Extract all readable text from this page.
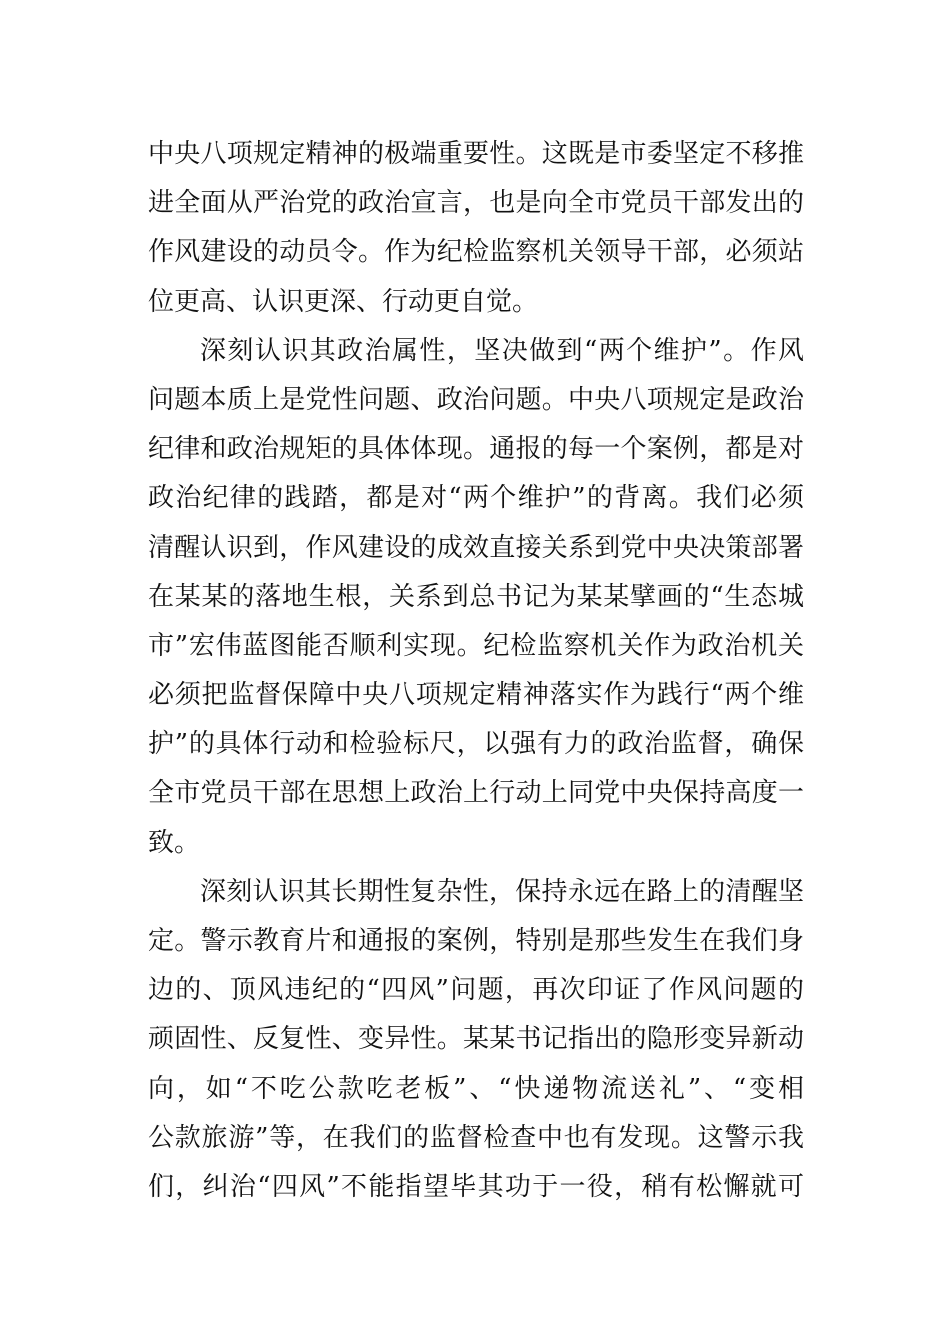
中央八项规定精神的极端重要性。这既是市委坚定不移推
进全面从严治党的政治宣言，也是向全市党员干部发出的
作风建设的动员令。作为纪检监察机关领导干部，必须站
位更高、认识更深、行动更自觉。
深刻认识其政治属性，坚决做到“两个维护”。作风
问题本质上是党性问题、政治问题。中央八项规定是政治
纪律和政治规矩的具体体现。通报的每一个案例，都是对
政治纪律的践踏，都是对“两个维护”的背离。我们必须
清醒认识到，作风建设的成效直接关系到党中央决策部署
在某某的落地生根，关系到总书记为某某擘画的“生态城
市”宏伟蓝图能否顺利实现。纪检监察机关作为政治机关
必须把监督保障中央八项规定精神落实作为践行“两个维
护”的具体行动和检验标尺，以强有力的政治监督，确保
全市党员干部在思想上政治上行动上同党中央保持高度一
致。
深刻认识其长期性复杂性，保持永远在路上的清醒坚
定。警示教育片和通报的案例，特别是那些发生在我们身
边的、顶风违纪的“四风”问题，再次印证了作风问题的
顽固性、反复性、变异性。某某书记指出的隐形变异新动
向，如“不吃公款吃老板”、“快递物流送礼”、“变相
公款旅游”等，在我们的监督检查中也有发现。这警示我
们，纠治“四风”不能指望毕其功于一役，稍有松懈就可
